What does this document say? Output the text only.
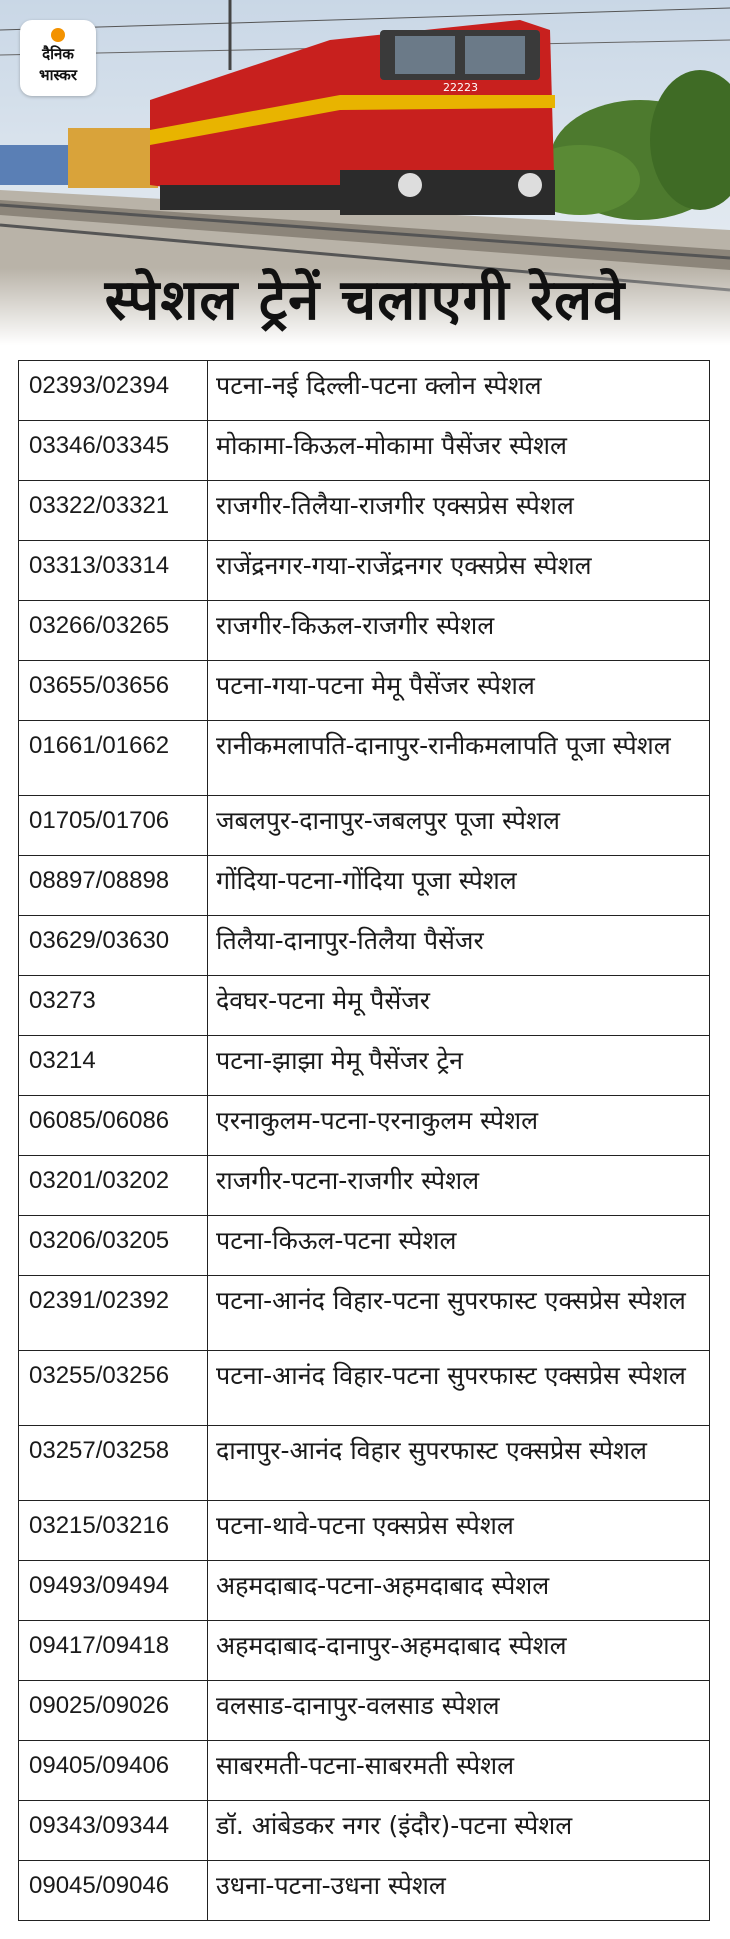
22223
दैनिक
भास्कर
स्पेशल ट्रेनें चलाएगी रेलवे
02393/02394	पटना-नई दिल्ली-पटना क्लोन स्पेशल
03346/03345	मोकामा-किऊल-मोकामा पैसेंजर स्पेशल
03322/03321	राजगीर-तिलैया-राजगीर एक्सप्रेस स्पेशल
03313/03314	राजेंद्रनगर-गया-राजेंद्रनगर एक्सप्रेस स्पेशल
03266/03265	राजगीर-किऊल-राजगीर स्पेशल
03655/03656	पटना-गया-पटना मेमू पैसेंजर स्पेशल
01661/01662	रानीकमलापति-दानापुर-रानीकमलापति पूजा स्पेशल
01705/01706	जबलपुर-दानापुर-जबलपुर पूजा स्पेशल
08897/08898	गोंदिया-पटना-गोंदिया पूजा स्पेशल
03629/03630	तिलैया-दानापुर-तिलैया पैसेंजर
03273	देवघर-पटना मेमू पैसेंजर
03214	पटना-झाझा मेमू पैसेंजर ट्रेन
06085/06086	एरनाकुलम-पटना-एरनाकुलम स्पेशल
03201/03202	राजगीर-पटना-राजगीर स्पेशल
03206/03205	पटना-किऊल-पटना स्पेशल
02391/02392	पटना-आनंद विहार-पटना सुपरफास्ट एक्सप्रेस स्पेशल
03255/03256	पटना-आनंद विहार-पटना सुपरफास्ट एक्सप्रेस स्पेशल
03257/03258	दानापुर-आनंद विहार सुपरफास्ट एक्सप्रेस स्पेशल
03215/03216	पटना-थावे-पटना एक्सप्रेस स्पेशल
09493/09494	अहमदाबाद-पटना-अहमदाबाद स्पेशल
09417/09418	अहमदाबाद-दानापुर-अहमदाबाद स्पेशल
09025/09026	वलसाड-दानापुर-वलसाड स्पेशल
09405/09406	साबरमती-पटना-साबरमती स्पेशल
09343/09344	डॉ. आंबेडकर नगर (इंदौर)-पटना स्पेशल
09045/09046	उधना-पटना-उधना स्पेशल
